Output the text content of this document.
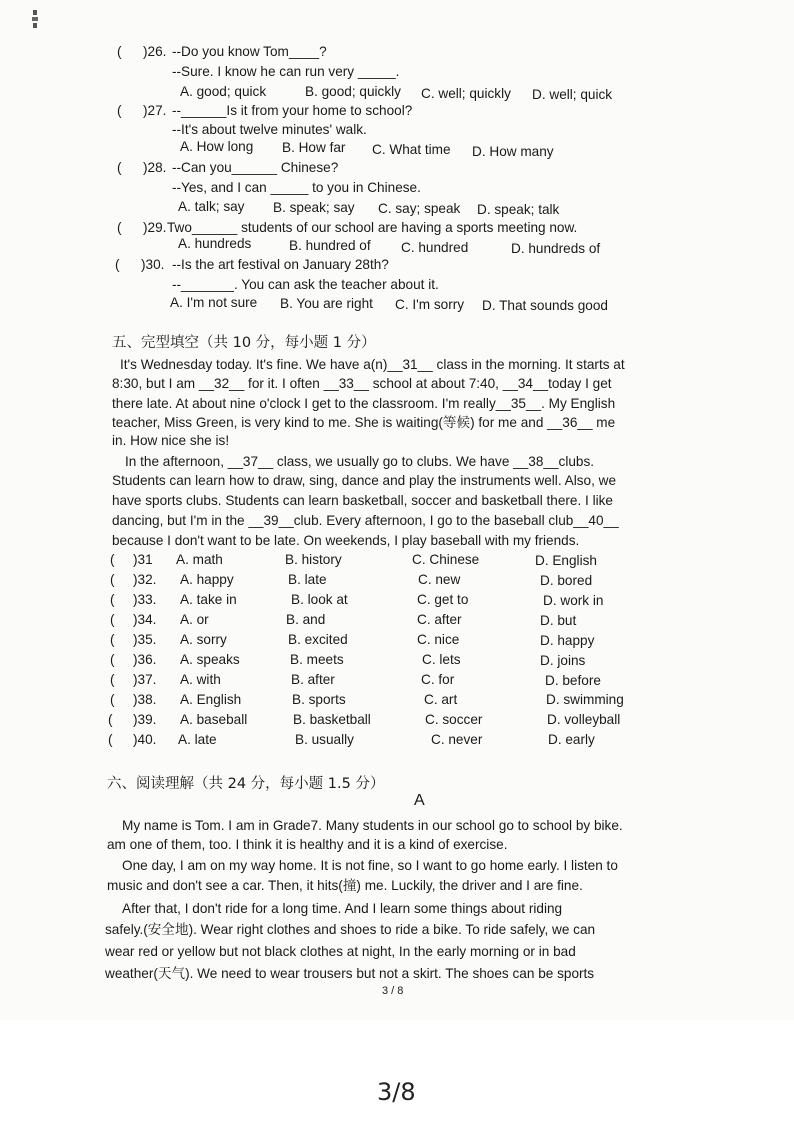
( )26. --Do you know Tom____?
--Sure. I know he can run very _____.
A. good; quick	B. good; quickly C. well; quickly D. well; quick
( )27. --______Is it from your home to school?
--It's about twelve minutes' walk.
A. How long B. How far C. What time D. How many
( )28. --Can you______ Chinese?
--Yes, and I can _____ to you in Chinese.
A. talk; say B. speak; say C. say; speak D. speak; talk
( )29. Two______ students of our school are having a sports meeting now.
A. hundreds	B. hundred of C. hundred	D. hundreds of
( )30. --Is the art festival on January 28th?
--_______. You can ask the teacher about it.
A. I'm not sure B. You are right C. I'm sorry D. That sounds good
五、完型填空（共 10 分，每小题 1 分）
It's Wednesday today. It's fine. We have a(n)__31__ class in the morning. It starts at
8:30, but I am __32__ for it. I often __33__ school at about 7:40, __34__today I get
there late. At about nine o'clock I get to the classroom. I'm really__35__. My English
teacher, Miss Green, is very kind to me. She is waiting(等候) for me and __36__ me
in. How nice she is!
In the afternoon, __37__ class, we usually go to clubs. We have __38__clubs.
Students can learn how to draw, sing, dance and play the instruments well. Also, we
have sports clubs. Students can learn basketball, soccer and basketball there. I like
dancing, but I'm in the __39__club. Every afternoon, I go to the baseball club__40__
because I don't want to be late. On weekends, I play baseball with my friends.
( )31 A. math	B. history	C. Chinese	D. English
( )32. A. happy	B. late	C. new	D. bored
( )33. A. take in	B. look at	C. get to	D. work in
( )34. A. or	B. and	C. after	D. but
( )35. A. sorry	B. excited	C. nice	D. happy
( )36. A. speaks	B. meets	C. lets	D. joins
( )37. A. with	B. after	C. for	D. before
( )38. A. English	B. sports	C. art	D. swimming
( )39. A. baseball	B. basketball	C. soccer	D. volleyball
( )40. A. late	B. usually	C. never	D. early
六、阅读理解（共 24 分，每小题 1.5 分）
A
My name is Tom. I am in Grade7. Many students in our school go to school by bike.
am one of them, too. I think it is healthy and it is a kind of exercise.
One day, I am on my way home. It is not fine, so I want to go home early. I listen to
music and don't see a car. Then, it hits(撞) me. Luckily, the driver and I are fine.
After that, I don't ride for a long time. And I learn some things about riding
safely.(安全地). Wear right clothes and shoes to ride a bike. To ride safely, we can
wear red or yellow but not black clothes at night, In the early morning or in bad
weather(天气). We need to wear trousers but not a skirt. The shoes can be sports
3 / 8
3/8
